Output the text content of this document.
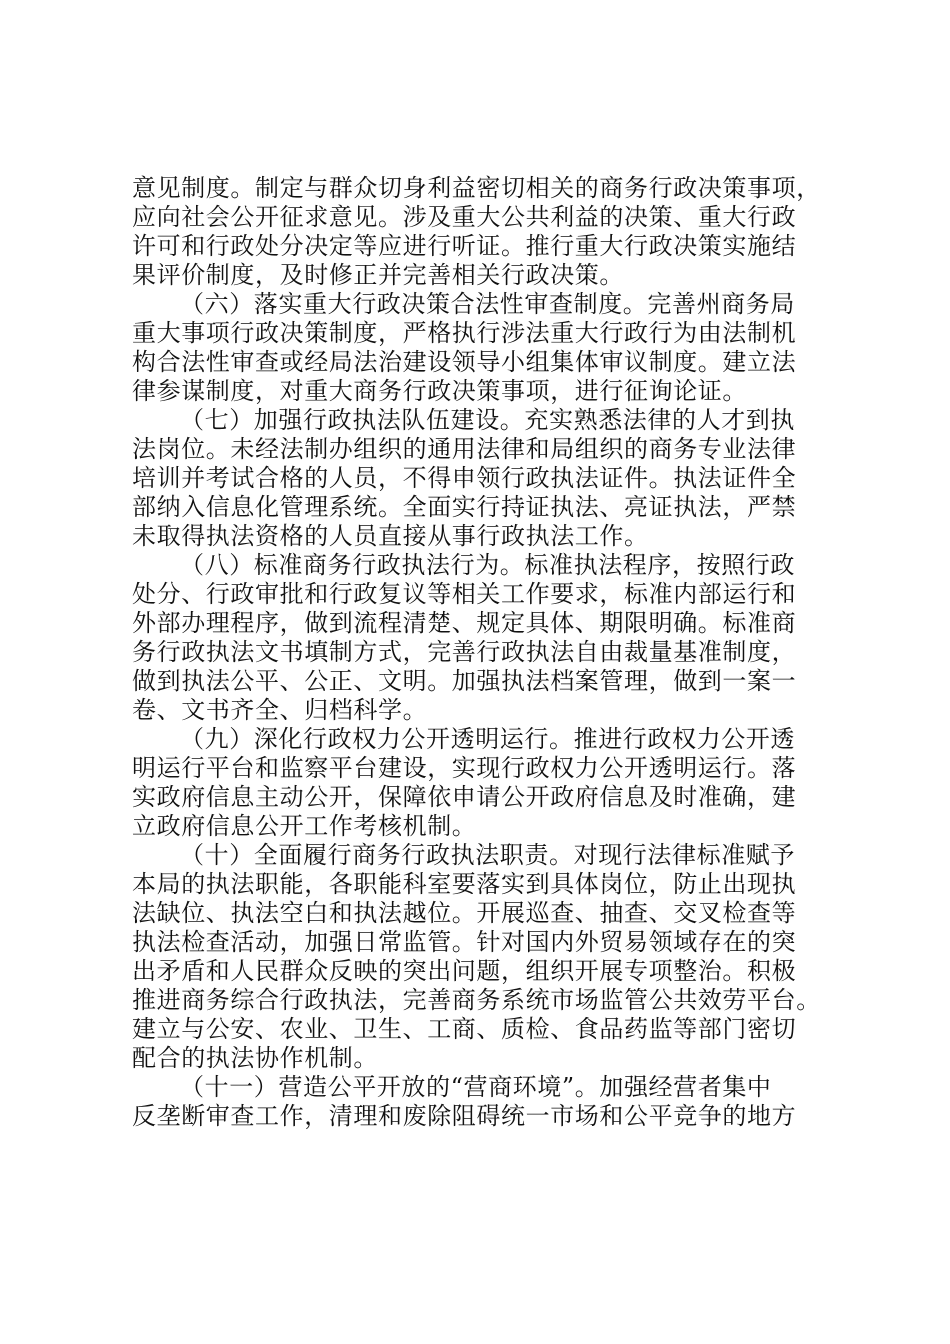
意见制度。制定与群众切身利益密切相关的商务行政决策事项，
应向社会公开征求意见。涉及重大公共利益的决策、重大行政
许可和行政处分决定等应进行听证。推行重大行政决策实施结
果评价制度，及时修正并完善相关行政决策。
（六）落实重大行政决策合法性审查制度。完善州商务局
重大事项行政决策制度，严格执行涉法重大行政行为由法制机
构合法性审查或经局法治建设领导小组集体审议制度。建立法
律参谋制度，对重大商务行政决策事项，进行征询论证。
（七）加强行政执法队伍建设。充实熟悉法律的人才到执
法岗位。未经法制办组织的通用法律和局组织的商务专业法律
培训并考试合格的人员，不得申领行政执法证件。执法证件全
部纳入信息化管理系统。全面实行持证执法、亮证执法，严禁
未取得执法资格的人员直接从事行政执法工作。
（八）标准商务行政执法行为。标准执法程序，按照行政
处分、行政审批和行政复议等相关工作要求，标准内部运行和
外部办理程序，做到流程清楚、规定具体、期限明确。标准商
务行政执法文书填制方式，完善行政执法自由裁量基准制度，
做到执法公平、公正、文明。加强执法档案管理，做到一案一
卷、文书齐全、归档科学。
（九）深化行政权力公开透明运行。推进行政权力公开透
明运行平台和监察平台建设，实现行政权力公开透明运行。落
实政府信息主动公开，保障依申请公开政府信息及时准确，建
立政府信息公开工作考核机制。
（十）全面履行商务行政执法职责。对现行法律标准赋予
本局的执法职能，各职能科室要落实到具体岗位，防止出现执
法缺位、执法空白和执法越位。开展巡查、抽查、交叉检查等
执法检查活动，加强日常监管。针对国内外贸易领域存在的突
出矛盾和人民群众反映的突出问题，组织开展专项整治。积极
推进商务综合行政执法，完善商务系统市场监管公共效劳平台。
建立与公安、农业、卫生、工商、质检、食品药监等部门密切
配合的执法协作机制。
（十一）营造公平开放的“营商环境”。加强经营者集中
反垄断审查工作，清理和废除阻碍统一市场和公平竞争的地方
